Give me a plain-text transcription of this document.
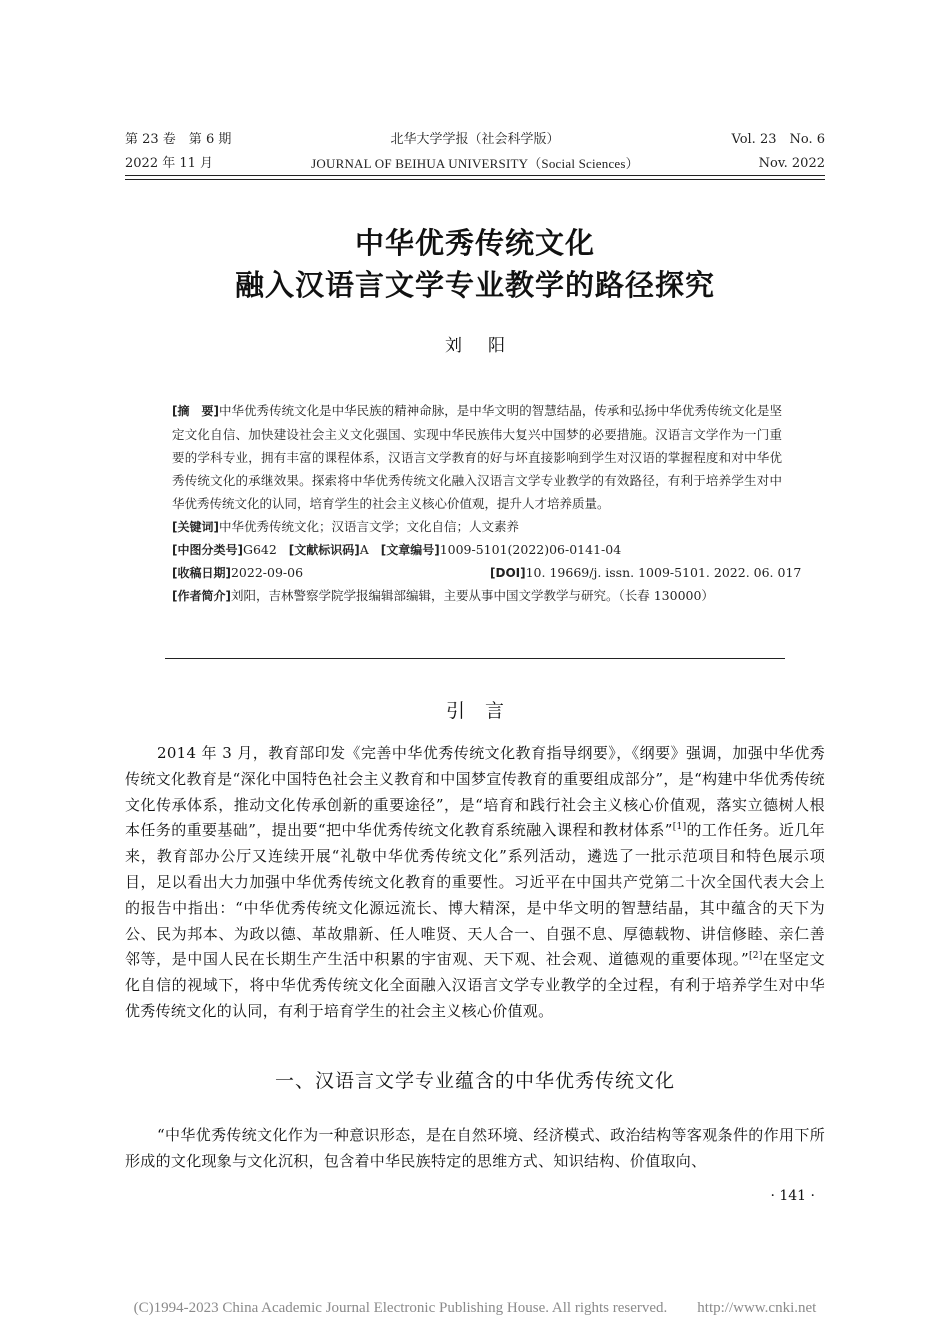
第 23 卷　第 6 期	北华大学学报（社会科学版）	Vol. 23　No. 6
2022 年 11 月	JOURNAL OF BEIHUA UNIVERSITY（Social Sciences）	Nov. 2022
中华优秀传统文化
融入汉语言文学专业教学的路径探究
刘阳

[摘　要]中华优秀传统文化是中华民族的精神命脉，是中华文明的智慧结晶，传承和弘扬中华优秀传统文化是坚定文化自信、加快建设社会主义文化强国、实现中华民族伟大复兴中国梦的必要措施。汉语言文学作为一门重要的学科专业，拥有丰富的课程体系，汉语言文学教育的好与坏直接影响到学生对汉语的掌握程度和对中华优秀传统文化的承继效果。探索将中华优秀传统文化融入汉语言文学专业教学的有效路径，有利于培养学生对中华优秀传统文化的认同，培育学生的社会主义核心价值观，提升人才培养质量。

[关键词]中华优秀传统文化；汉语言文学；文化自信；人文素养
[中图分类号]G642 [文献标识码]A [文章编号]1009-5101(2022)06-0141-04
[收稿日期]2022-09-06	[DOI]10. 19669/j. issn. 1009-5101. 2022. 06. 017

[作者简介]刘阳，吉林警察学院学报编辑部编辑，主要从事中国文学教学与研究。（长春 130000）

引言

2014 年 3 月，教育部印发《完善中华优秀传统文化教育指导纲要》，《纲要》强调，加强中华优秀传统文化教育是“深化中国特色社会主义教育和中国梦宣传教育的重要组成部分”，是“构建中华优秀传统文化传承体系，推动文化传承创新的重要途径”，是“培育和践行社会主义核心价值观，落实立德树人根本任务的重要基础”，提出要“把中华优秀传统文化教育系统融入课程和教材体系”[1]的工作任务。近几年来，教育部办公厅又连续开展“礼敬中华优秀传统文化”系列活动，遴选了一批示范项目和特色展示项目，足以看出大力加强中华优秀传统文化教育的重要性。习近平在中国共产党第二十次全国代表大会上的报告中指出：“中华优秀传统文化源远流长、博大精深，是中华文明的智慧结晶，其中蕴含的天下为公、民为邦本、为政以德、革故鼎新、任人唯贤、天人合一、自强不息、厚德载物、讲信修睦、亲仁善邻等，是中国人民在长期生产生活中积累的宇宙观、天下观、社会观、道德观的重要体现。”[2]在坚定文化自信的视域下，将中华优秀传统文化全面融入汉语言文学专业教学的全过程，有利于培养学生对中华优秀传统文化的认同，有利于培育学生的社会主义核心价值观。

一、汉语言文学专业蕴含的中华优秀传统文化

“中华优秀传统文化作为一种意识形态，是在自然环境、经济模式、政治结构等客观条件的作用下所形成的文化现象与文化沉积，包含着中华民族特定的思维方式、知识结构、价值取向、

· 141 ·
(C)1994-2023 China Academic Journal Electronic Publishing House. All rights reserved.　　http://www.cnki.net
